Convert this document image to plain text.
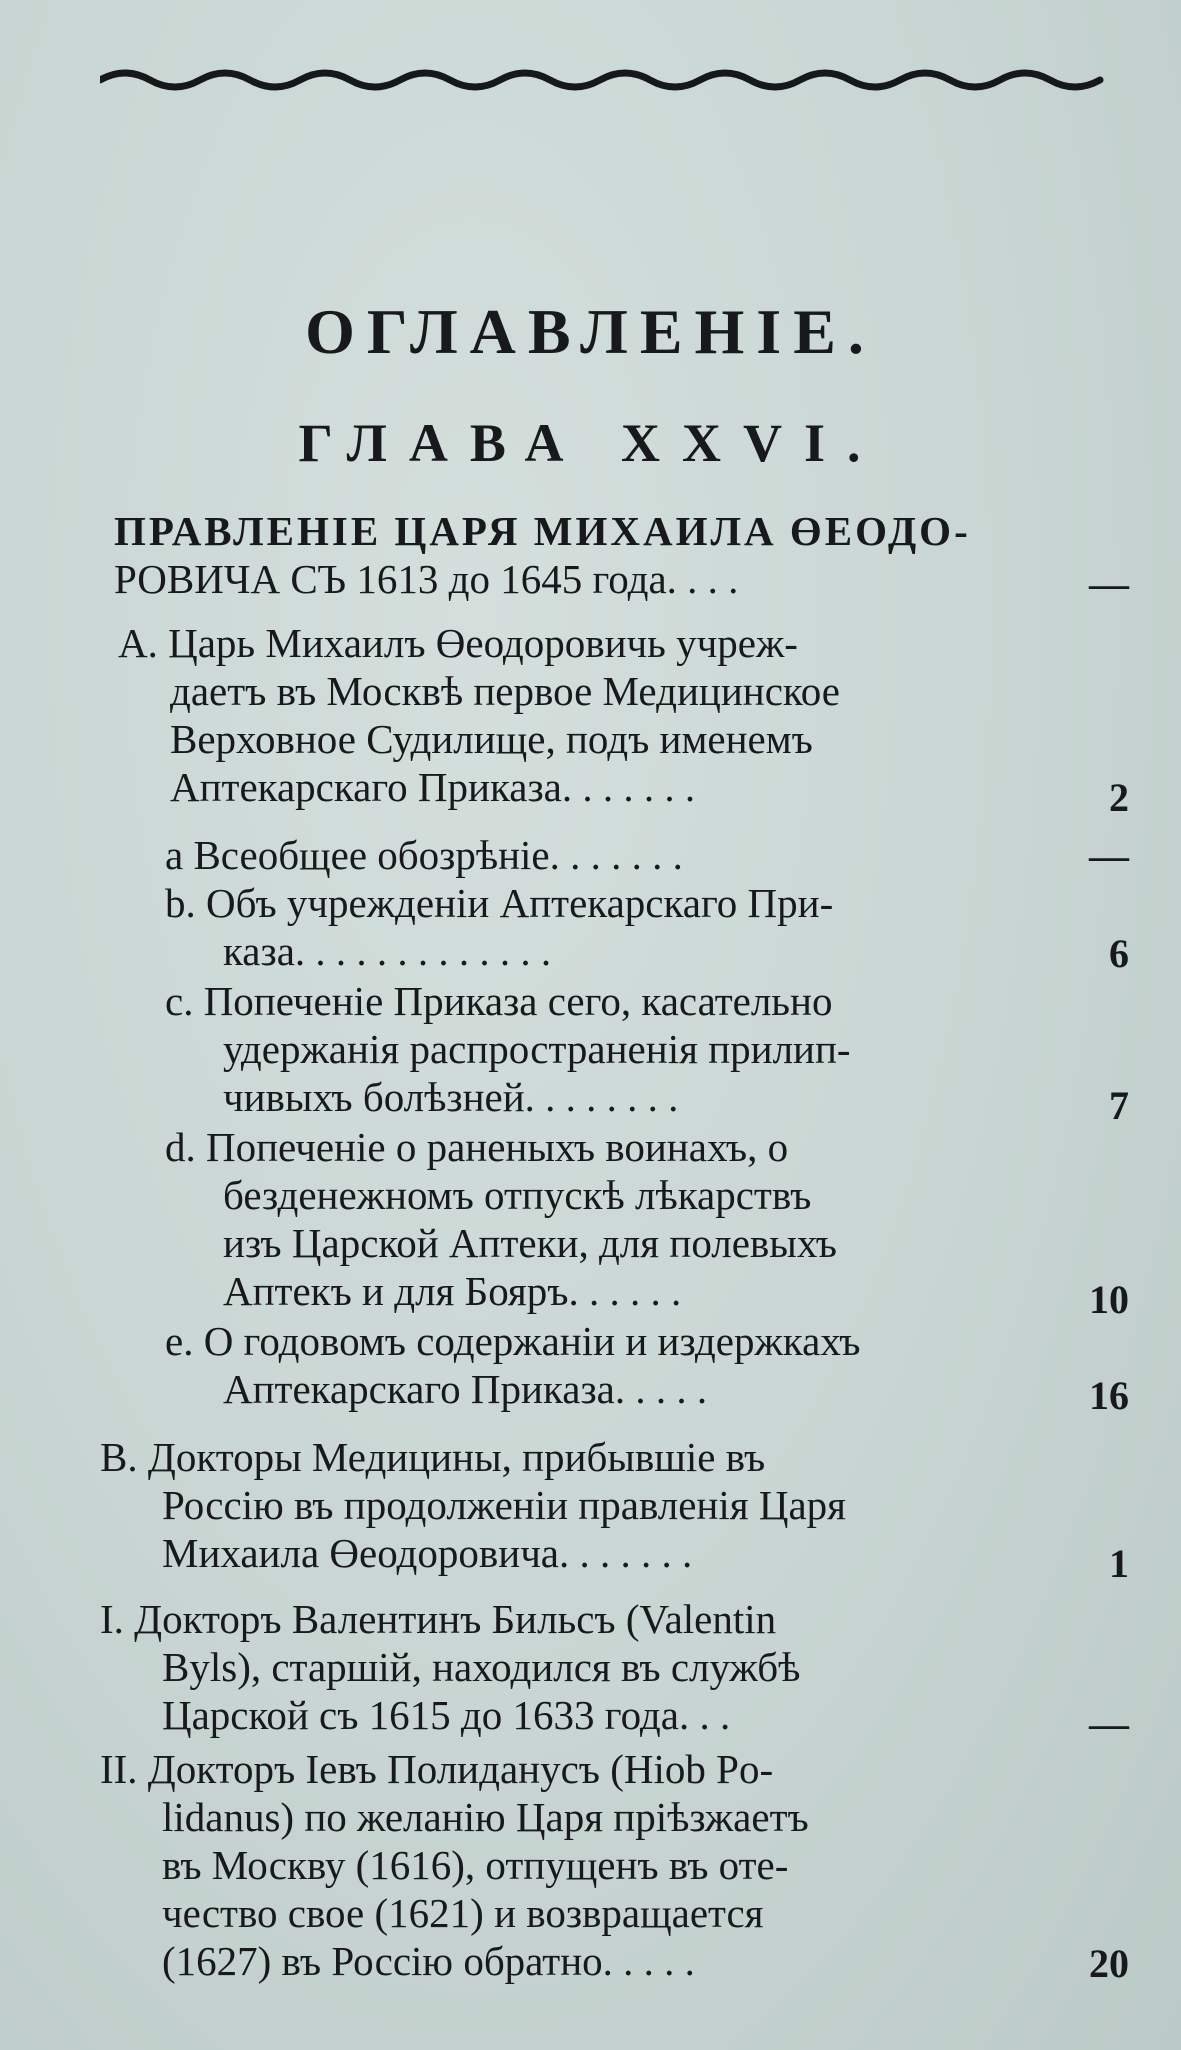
ОГЛАВЛЕНІЕ.
ГЛАВА XXVI.
ПРАВЛЕНІЕ ЦАРЯ МИХАИЛА ӨЕОДО-
РОВИЧА СЪ 1613 до 1645 года. . . .	—
A. Царь Михаилъ Өеодоровичь учреж-
даетъ въ Москвѣ первое Медицинское
Верховное Судилище, подъ именемъ
Аптекарскаго Приказа. . . . . . .	2
a Всеобщее обозрѣніе. . . . . . .	—
b. Объ учрежденіи Аптекарскаго При-
каза. . . . . . . . . . . . .	6
c. Попеченіе Приказа сего, касательно
удержанія распространенія прилип-
чивыхъ болѣзней. . . . . . . .	7
d. Попеченіе о раненыхъ воинахъ, о
безденежномъ отпускѣ лѣкарствъ
изъ Царской Аптеки, для полевыхъ
Аптекъ и для Бояръ. . . . . .	10
e. О годовомъ содержаніи и издержкахъ
Аптекарскаго Приказа. . . . .	16
B. Докторы Медицины, прибывшіе въ
Россію въ продолженіи правленія Царя
Михаила Өеодоровича. . . . . . .	1
I. Докторъ Валентинъ Бильсъ (Valentin
Byls), старшій, находился въ службѣ
Царской съ 1615 до 1633 года. . .	—
II. Докторъ Іевъ Полиданусъ (Hiob Po-
lidanus) по желанію Царя прiѣзжаетъ
въ Москву (1616), отпущенъ въ оте-
чество свое (1621) и возвращается
(1627) въ Россію обратно. . . . .	20
